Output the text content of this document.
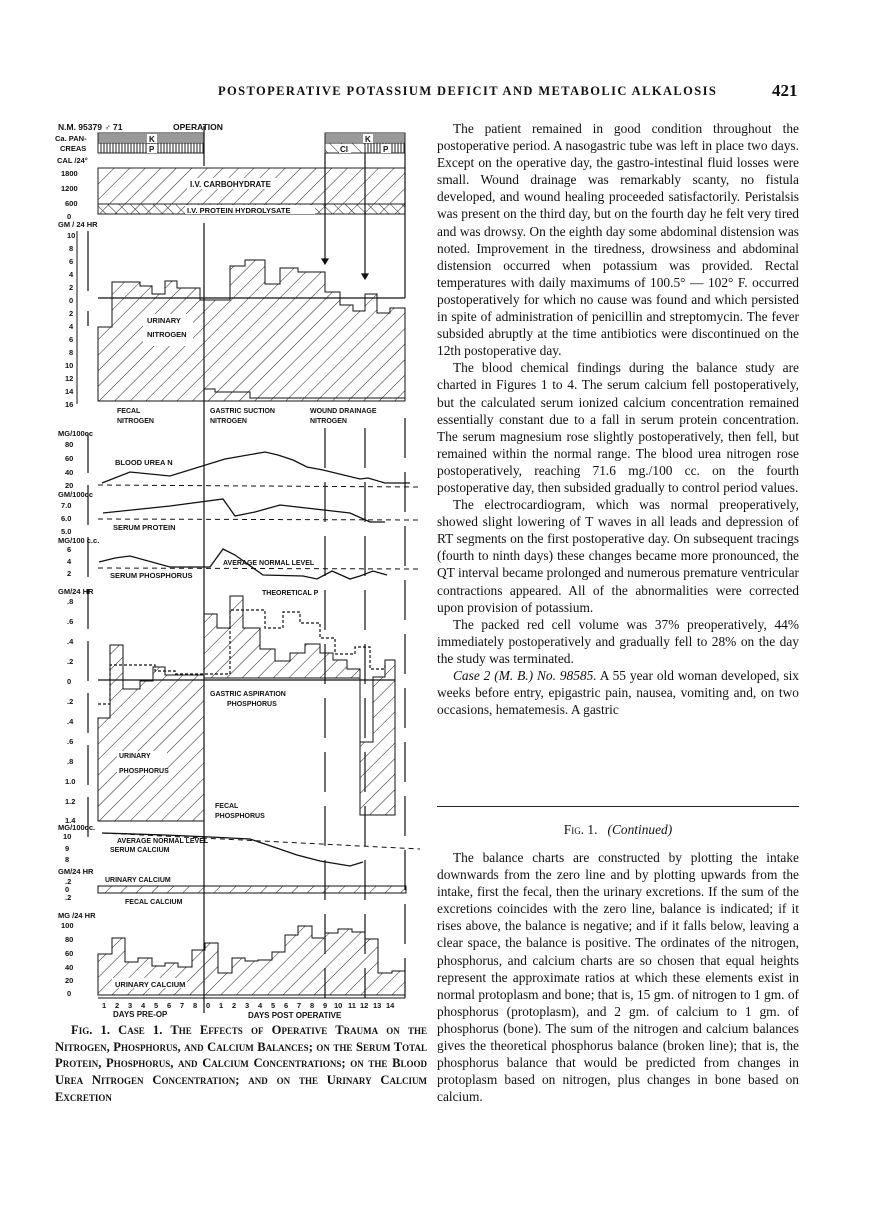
POSTOPERATIVE POTASSIUM DEFICIT AND METABOLIC ALKALOSIS	421
N.M. 95379 ♂ 71	OPERATION
K
P
Ca. PAN-
CREAS
CAL /24°
K
Cl	P
1800
1200
600
0
I.V. CARBOHYDRATE
I.V. PROTEIN HYDROLYSATE
GM / 24 HR
10
8
6
4
2
0
2
4
6
8
10
12
14
16
URINARY
NITROGEN
FECAL
NITROGEN
GASTRIC SUCTION
NITROGEN
WOUND DRAINAGE
NITROGEN
MG/100cc
80
60
40
20
BLOOD UREA N
GM/100cc
7.0
6.0
5.0	SERUM PROTEIN
MG/100 c.c.
6
4
2
AVERAGE NORMAL LEVEL
SERUM PHOSPHORUS
GM/24 HR
.8
.6
.4
.2
0
.2
.4
.6
.8
1.0
1.2
1.4
THEORETICAL P
GASTRIC ASPIRATION
PHOSPHORUS
URINARY
PHOSPHORUS
FECAL
PHOSPHORUS
MG/100cc.
10
9
8
AVERAGE NORMAL LEVEL
SERUM CALCIUM
GM/24 HR
.2
0
.2
URINARY CALCIUM
FECAL CALCIUM
MG /24 HR
100
80
60
40
20
0
URINARY CALCIUM
1 2 3 4 5 6 7 8 0 1 2 3 4 5 6 7 8 9 10 11 12 13 14
DAYS PRE-OP	DAYS POST OPERATIVE
Fig. 1. Case 1. The Effects of Operative Trauma on the Nitrogen, Phosphorus, and Calcium Balances; on the Serum Total Protein, Phosphorus, and Calcium Concentrations; on the Blood Urea Nitrogen Concentration; and on the Urinary Calcium Excretion

The patient remained in good condition throughout the postoperative period. A nasogastric tube was left in place two days. Except on the operative day, the gastro-intestinal fluid losses were small. Wound drainage was remarkably scanty, no fistula developed, and wound healing proceeded satisfactorily. Peristalsis was present on the third day, but on the fourth day he felt very tired and was drowsy. On the eighth day some abdominal distension was noted. Improvement in the tiredness, drowsiness and abdominal distension occurred when potassium was provided. Rectal temperatures with daily maximums of 100.5° — 102° F. occurred postoperatively for which no cause was found and which persisted in spite of administration of penicillin and streptomycin. The fever subsided abruptly at the time antibiotics were discontinued on the 12th postoperative day.

The blood chemical findings during the balance study are charted in Figures 1 to 4. The serum calcium fell postoperatively, but the calculated serum ionized calcium concentration remained essentially constant due to a fall in serum protein concentration. The serum magnesium rose slightly postoperatively, then fell, but remained within the normal range. The blood urea nitrogen rose postoperatively, reaching 71.6 mg./100 cc. on the fourth postoperative day, then subsided gradually to control period values.

The electrocardiogram, which was normal preoperatively, showed slight lowering of T waves in all leads and depression of RT segments on the first postoperative day. On subsequent tracings (fourth to ninth days) these changes became more pronounced, the QT interval became prolonged and numerous premature ventricular contractions appeared. All of the abnormalities were corrected upon provision of potassium.

The packed red cell volume was 37% preoperatively, 44% immediately postoperatively and gradually fell to 28% on the day the study was terminated.

Case 2 (M. B.) No. 98585. A 55 year old woman developed, six weeks before entry, epigastric pain, nausea, vomiting and, on two occasions, hematemesis. A gastric

Fig. 1. (Continued)

The balance charts are constructed by plotting the intake downwards from the zero line and by plotting upwards from the intake, first the fecal, then the urinary excretions. If the sum of the excretions coincides with the zero line, balance is indicated; if it rises above, the balance is negative; and if it falls below, leaving a clear space, the balance is positive. The ordinates of the nitrogen, phosphorus, and calcium charts are so chosen that equal heights represent the approximate ratios at which these elements exist in normal protoplasm and bone; that is, 15 gm. of nitrogen to 1 gm. of phosphorus (protoplasm), and 2 gm. of calcium to 1 gm. of phosphorus (bone). The sum of the nitrogen and calcium balances gives the theoretical phosphorus balance (broken line); that is, the phosphorus balance that would be predicted from changes in protoplasm based on nitrogen, plus changes in bone based on calcium.
